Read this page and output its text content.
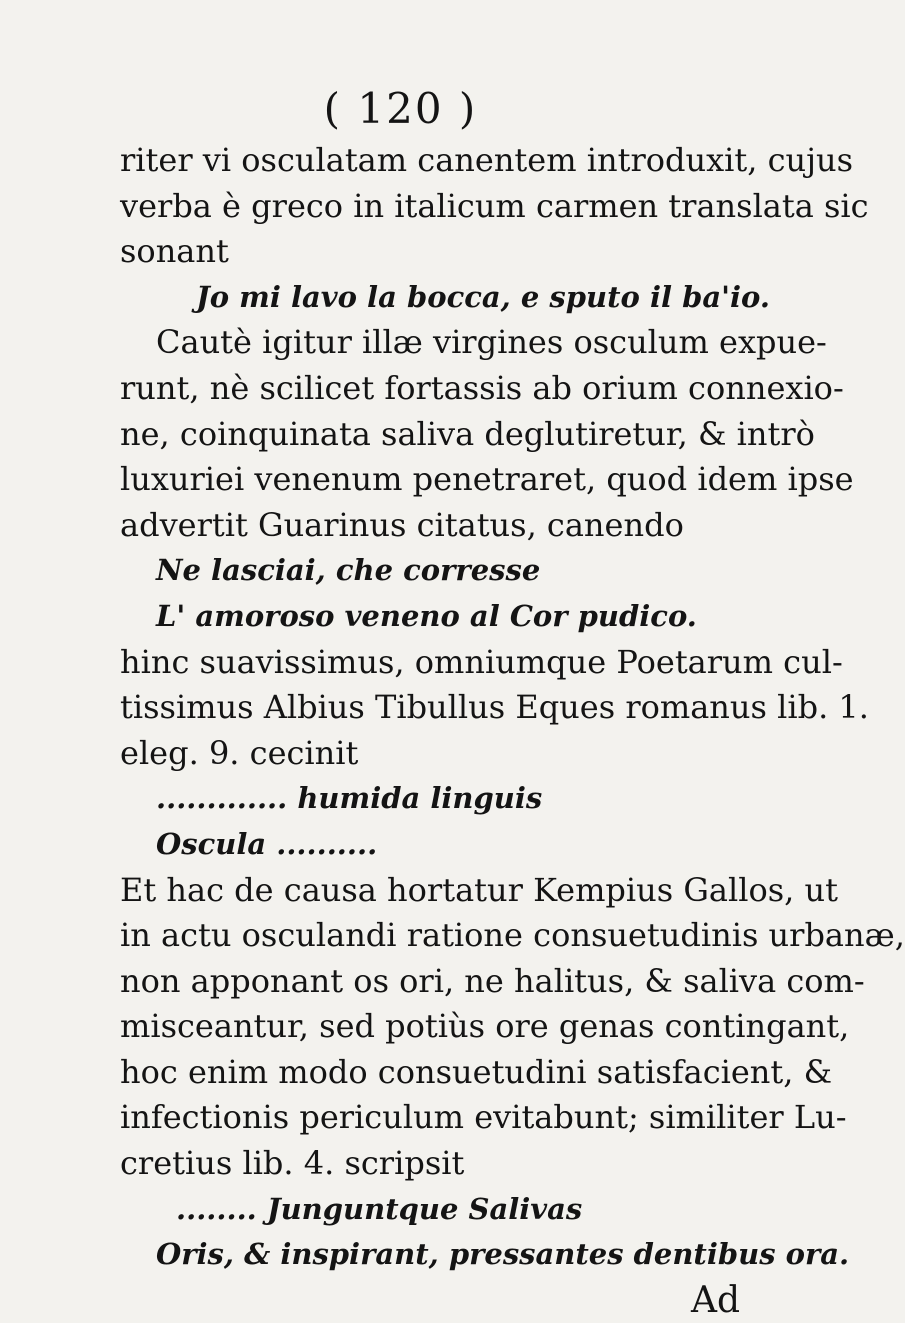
( 120 )

riter vi osculatam canentem introduxit, cujus
verba è greco in italicum carmen translata sic
sonant

Jo mi lavo la bocca, e sputo il ba'io.

Cautè igitur illæ virgines osculum expue-
runt, nè scilicet fortassis ab orium connexio-
ne, coinquinata saliva deglutiretur, & intrò
luxuriei venenum penetraret, quod idem ipse
advertit Guarinus citatus, canendo

Ne lasciai, che corresse
L' amoroso veneno al Cor pudico.

hinc suavissimus, omniumque Poetarum cul-
tissimus Albius Tibullus Eques romanus lib. 1.
eleg. 9. cecinit

............. humida linguis
Oscula ..........

Et hac de causa hortatur Kempius Gallos, ut
in actu osculandi ratione consuetudinis urbanæ,
non apponant os ori, ne halitus, & saliva com-
misceantur, sed potiùs ore genas contingant,
hoc enim modo consuetudini satisfacient, &
infectionis periculum evitabunt; similiter Lu-
cretius lib. 4. scripsit

........ Junguntque Salivas
Oris, & inspirant, pressantes dentibus ora.
Ad
